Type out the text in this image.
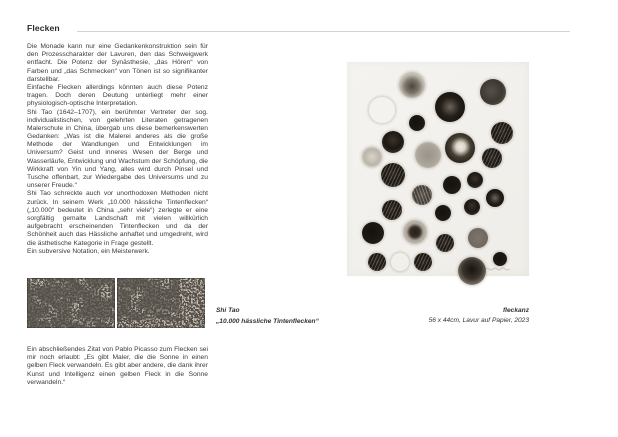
Flecken

Die Monade kann nur eine Gedankenkonstruktion sein für den Prozesscharakter der Lavuren, den das Schweigwerk entfacht. Die Potenz der Synästhesie, „das Hören“ von Farben und „das Schmecken“ von Tönen ist so signifikanter darstellbar.

Einfache Flecken allerdings könnten auch diese Potenz tragen. Doch deren Deutung unterliegt mehr einer physiologisch-optische Interpretation.

Shi Tao (1642–1707), ein berühmter Vertreter der sog. individualistischen, von gelehrten Literaten getragenen Malerschule in China, übergab uns diese bemerkenswerten Gedanken: „Was ist die Malerei anderes als die große Methode der Wandlungen und Entwicklungen im Universum? Geist und inneres Wesen der Berge und Wasserläufe, Entwicklung und Wachstum der Schöpfung, die Wirkkraft von Yin und Yang, alles wird durch Pinsel und Tusche offenbart, zur Wiedergabe des Universums und zu unserer Freude.“

Shi Tao schreckte auch vor unorthodoxen Methoden nicht zurück. In seinem Werk „10.000 hässliche Tintenflecken“ („10.000“ bedeutet in China „sehr viele“) zerlegte er eine sorgfältig gemalte Landschaft mit vielen willkürlich aufgebracht erscheinenden Tintenflecken und da der Schönheit auch das Hässliche anhaftet und umgedreht, wird die ästhetische Kategorie in Frage gestellt.

Ein subversive Notation, ein Meisterwerk.

Shi Tao
„10.000 hässliche Tintenflecken“
fleckanz
56 x 44cm, Lavur auf Papier, 2023

Ein abschließendes Zitat von Pablo Picasso zum Flecken sei mir noch erlaubt: „Es gibt Maler, die die Sonne in einen gelben Fleck verwandeln. Es gibt aber andere, die dank ihrer Kunst und Intelligenz einen gelben Fleck in die Sonne verwandeln.“
